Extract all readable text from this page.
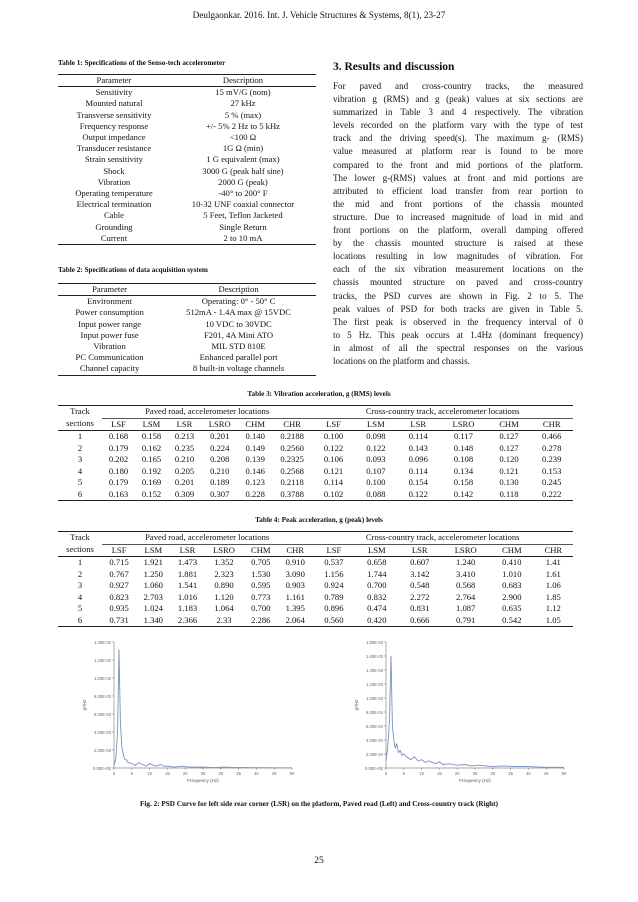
Deulgaonkar. 2016. Int. J. Vehicle Structures & Systems, 8(1), 23-27
Table 1: Specifications of the Senso-tech accelerometer
Parameter	Description
Sensitivity	15 mV/G (nom)
Mounted natural	27 kHz
Transverse sensitivity	5 % (max)
Frequency response	+/- 5% 2 Hz to 5 kHz
Output impedance	<100 Ω
Transducer resistance	1G Ω (min)
Strain sensitivity	1 G equivalent (max)
Shock	3000 G (peak half sine)
Vibration	2000 G (peak)
Operating temperature	-40° to 200° F
Electrical termination	10-32 UNF coaxial connector
Cable	5 Feet, Teflon Jacketed
Grounding	Single Return
Current	2 to 10 mA
Table 2: Specifications of data acquisition system
Parameter	Description
Environment	Operating: 0° - 50° C
Power consumption	512mA - 1.4A max @ 15VDC
Input power range	10 VDC to 30VDC
Input power fuse	F201, 4A Mini ATO
Vibration	MIL STD 810E
PC Communication	Enhanced parallel port
Channel capacity	8 built-in voltage channels
3. Results and discussion
For paved and cross-country tracks, the measured
vibration g (RMS) and g (peak) values at six sections are
summarized in Table 3 and 4 respectively. The vibration
levels recorded on the platform vary with the type of test
track and the driving speed(s). The maximum g- (RMS)
value measured at platform rear is found to be more
compared to the front and mid portions of the platform.
The lower g-(RMS) values at front and mid portions are
attributed to efficient load transfer from rear portion to
the mid and front portions of the chassis mounted
structure. Due to increased magnitude of load in mid and
front portions on the platform, overall damping offered
by the chassis mounted structure is raised at these
locations resulting in low magnitudes of vibration. For
each of the six vibration measurement locations on the
chassis mounted structure on paved and cross-country
tracks, the PSD curves are shown in Fig. 2 to 5. The
peak values of PSD for both tracks are given in Table 5.
The first peak is observed in the frequency interval of 0
to 5 Hz. This peak occurs at 1.4Hz (dominant frequency)
in almost of all the spectral responses on the various
locations on the platform and chassis.
Table 3: Vibration acceleration, g (RMS) levels
Track	Paved road, accelerometer locations						Cross-country track, accelerometer locations					
sections	LSF	LSM	LSR	LSRO	CHM	CHR	LSF	LSM	LSR	LSRO	CHM	CHR
1	0.168	0.158	0.213	0.201	0.140	0.2188	0.100	0.098	0.114	0.117	0.127	0.466
2	0.179	0.162	0.235	0.224	0.149	0.2560	0.122	0.122	0.143	0.148	0.127	0.278
3	0.202	0.165	0.210	0.208	0.139	0.2325	0.106	0.093	0.096	0.108	0.120	0.239
4	0.180	0.192	0.205	0.210	0.146	0.2568	0.121	0.107	0.114	0.134	0.121	0.153
5	0.179	0.169	0.201	0.189	0.123	0.2118	0.114	0.100	0.154	0.158	0.130	0.245
6	0.163	0.152	0.309	0.307	0.228	0.3788	0.102	0.088	0.122	0.142	0.118	0.222
Table 4: Peak acceleration, g (peak) levels
Track	Paved road, accelerometer locations						Cross-country track, accelerometer locations					
sections	LSF	LSM	LSR	LSRO	CHM	CHR	LSF	LSM	LSR	LSRO	CHM	CHR
1	0.715	1.921	1.473	1.352	0.705	0.910	0.537	0.658	0.607	1.240	0.410	1.41
2	0.767	1.250	1.881	2.323	1.530	3.090	1.156	1.744	3.142	3.410	1.010	1.61
3	0.927	1.060	1.541	0.890	0.595	0.903	0.924	0.700	0.548	0.568	0.683	1.06
4	0.823	2.703	1.016	1.120	0.773	1.161	0.789	0.832	2.272	2.764	2.900	1.85
5	0.935	1.024	1.183	1.064	0.700	1.395	0.896	0.474	0.831	1.087	0.635	1.12
6	0.731	1.340	2.366	2.33	2.286	2.064	0.560	0.420	0.666	0.791	0.542	1.05
0.00E+00
2.00E-03
4.00E-03
6.00E-03
8.00E-03
1.00E-02
1.20E-02
1.40E-02
0	5	10	15	20	25	30	35	40	45	50
Frequency (Hz)
g²/Hz
0.00E+00
2.00E-04
4.00E-04
6.00E-04
8.00E-04
1.00E-03
1.20E-03
1.40E-03
1.60E-03
1.80E-03
0	5	10	15	20	25	30	35	40	45	50
Frequency (Hz)
g²/Hz
Fig. 2: PSD Curve for left side rear corner (LSR) on the platform, Paved road (Left) and Cross-country track (Right)
25
